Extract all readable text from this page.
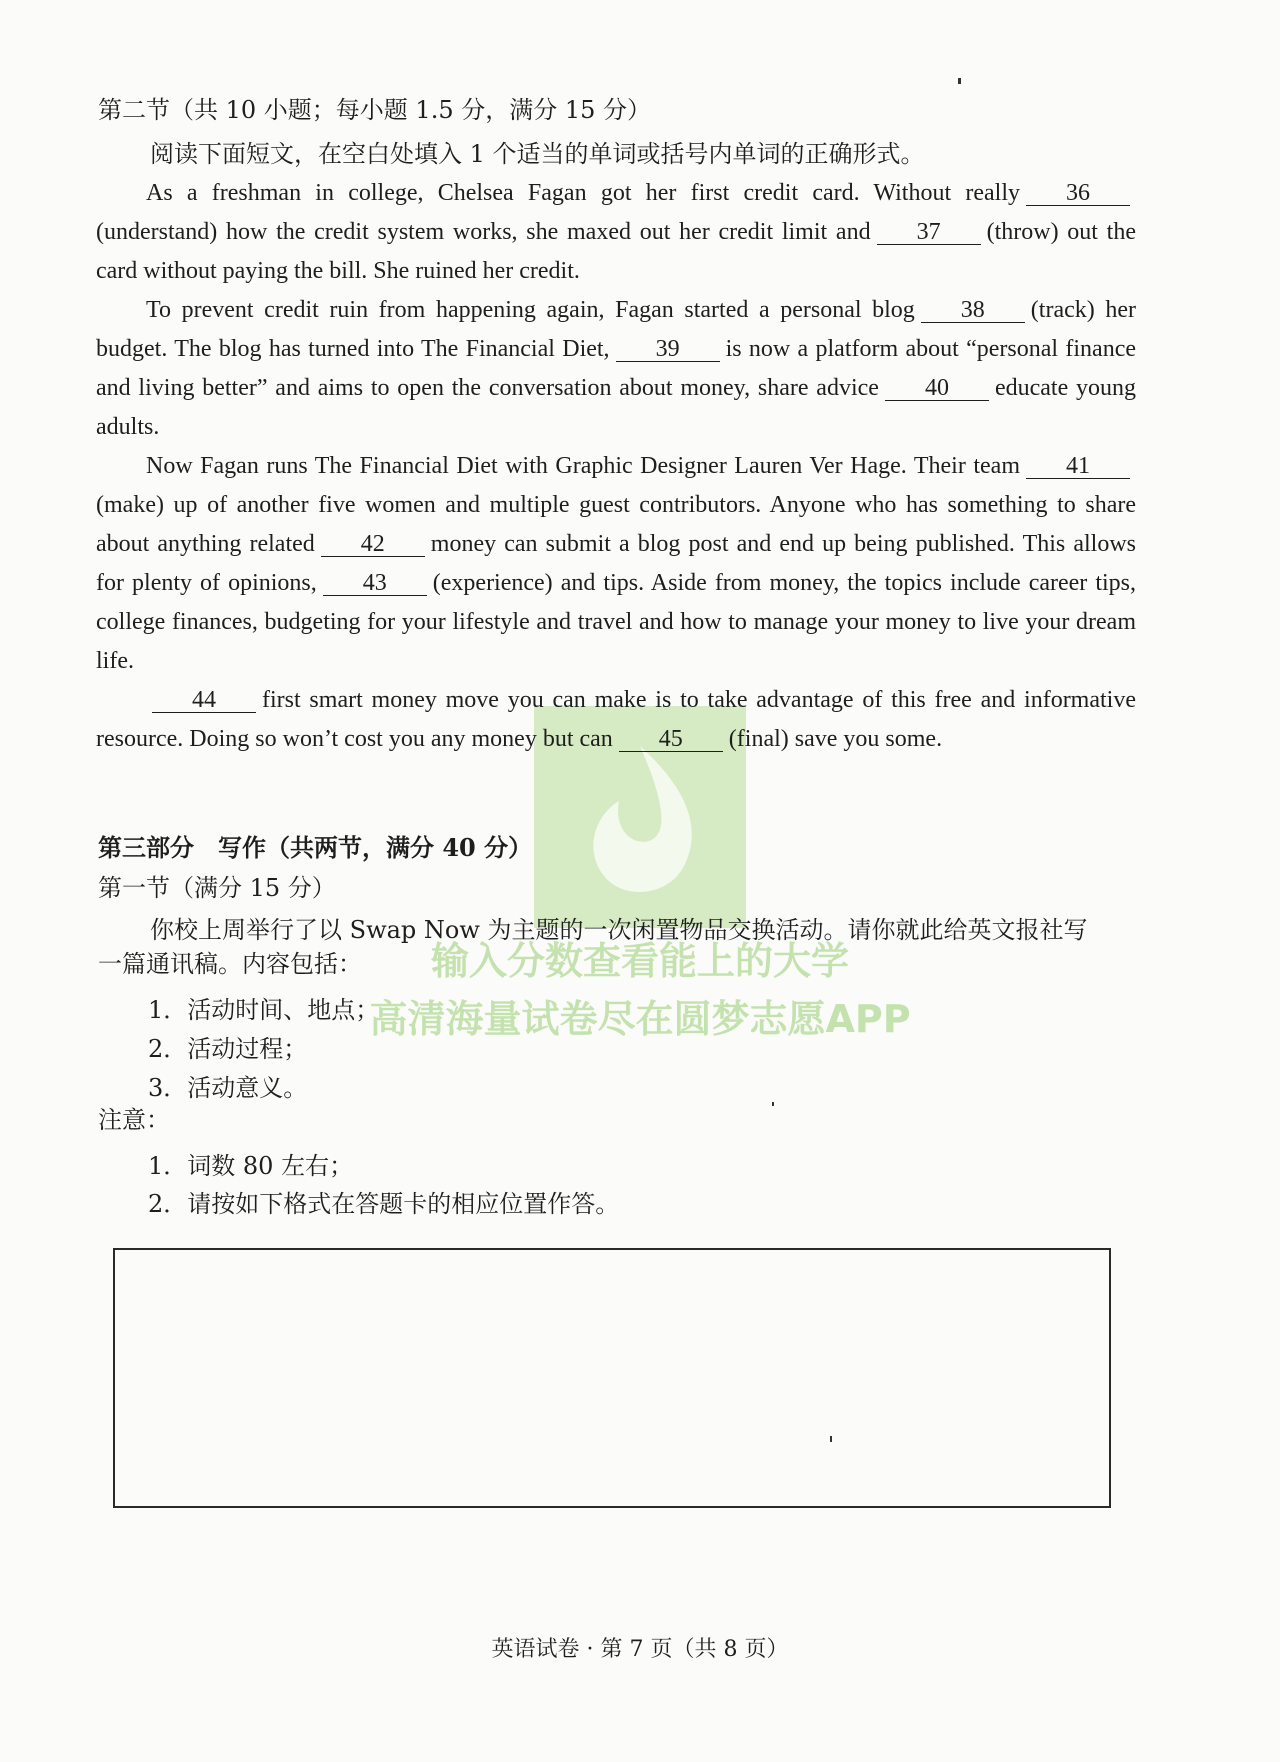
第二节（共 10 小题；每小题 1.5 分，满分 15 分）
阅读下面短文，在空白处填入 1 个适当的单词或括号内单词的正确形式。

As a freshman in college, Chelsea Fagan got her first credit card. Without really 36(understand) how the credit system works, she maxed out her credit limit and 37 (throw) out the card without paying the bill. She ruined her credit.

To prevent credit ruin from happening again, Fagan started a personal blog 38 (track) her budget. The blog has turned into The Financial Diet, 39 is now a platform about “personal finance and living better” and aims to open the conversation about money, share advice 40 educate young adults.

Now Fagan runs The Financial Diet with Graphic Designer Lauren Ver Hage. Their team 41(make) up of another five women and multiple guest contributors. Anyone who has something to share about anything related 42 money can submit a blog post and end up being published. This allows for plenty of opinions, 43 (experience) and tips. Aside from money, the topics include career tips, college finances, budgeting for your lifestyle and travel and how to manage your money to live your dream life.

44 first smart money move you can make is to take advantage of this free and informative resource. Doing so won’t cost you any money but can 45 (final) save you some.

第三部分　写作（共两节，满分 40 分）
第一节（满分 15 分）
你校上周举行了以 Swap Now 为主题的一次闲置物品交换活动。请你就此给英文报社写
一篇通讯稿。内容包括：
1．活动时间、地点；
2．活动过程；
3．活动意义。
注意：
1．词数 80 左右；
2．请按如下格式在答题卡的相应位置作答。
输入分数查看能上的大学
高清海量试卷尽在圆梦志愿APP
英语试卷 · 第 7 页（共 8 页）
